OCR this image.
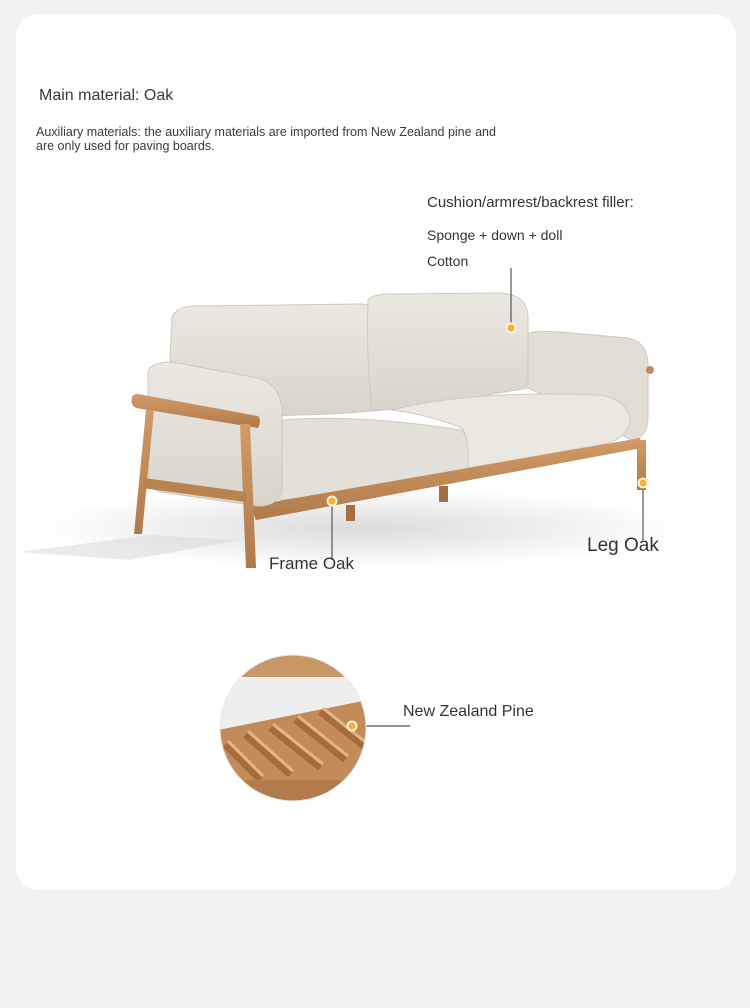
Main material: Oak
Auxiliary materials: the auxiliary materials are imported from New Zealand pine and are only used for paving boards.
Cushion/armrest/backrest filler:
Sponge + down + doll
Cotton
Frame Oak
Leg Oak
New Zealand Pine
